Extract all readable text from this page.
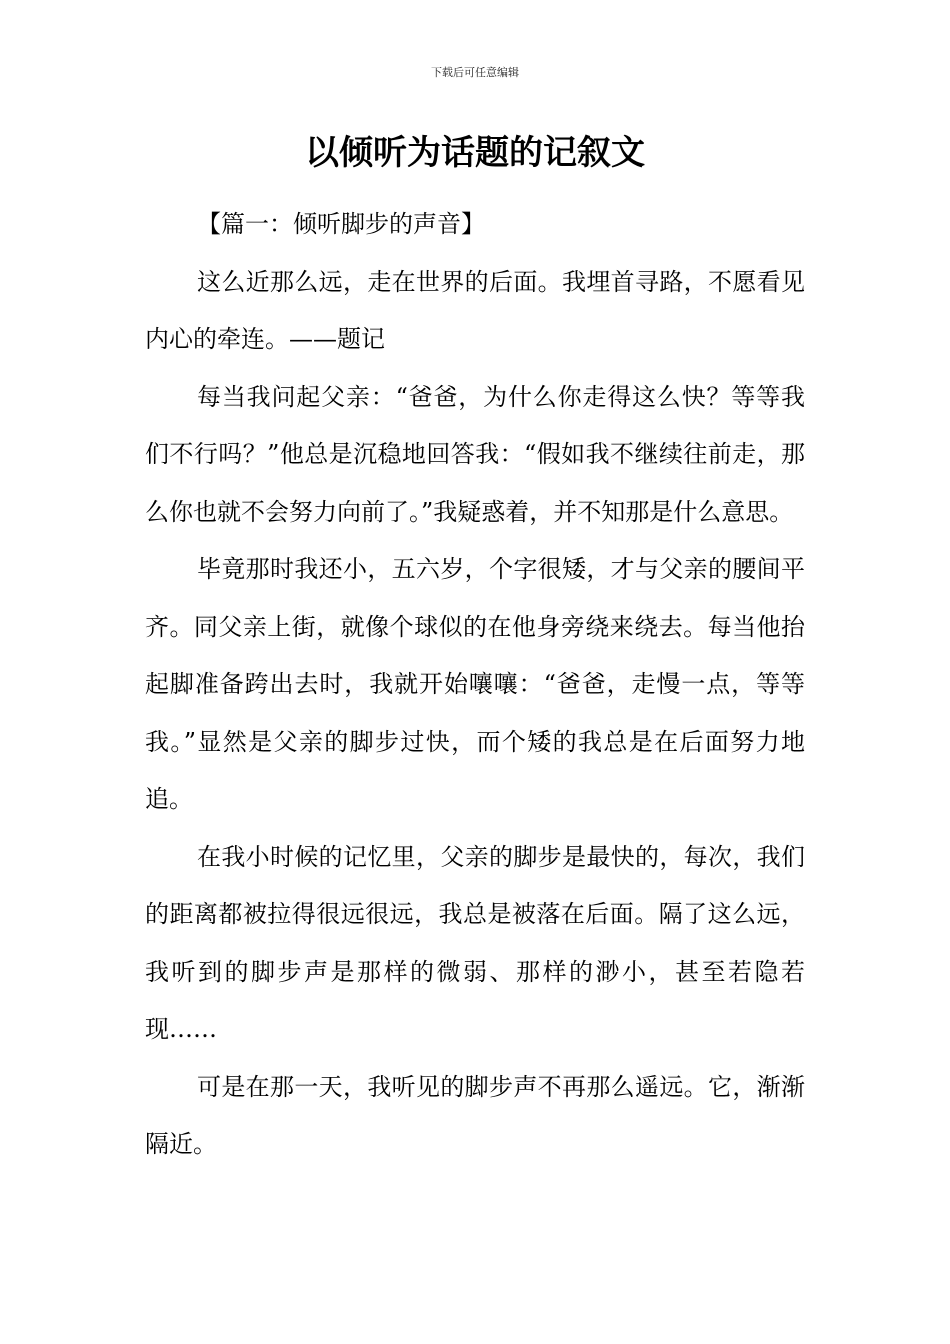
下载后可任意编辑
以倾听为话题的记叙文

【篇一：倾听脚步的声音】

这么近那么远，走在世界的后面。我埋首寻路，不愿看见内心的牵连。——题记

每当我问起父亲：“爸爸，为什么你走得这么快？等等我们不行吗？”他总是沉稳地回答我：“假如我不继续往前走，那么你也就不会努力向前了。”我疑惑着，并不知那是什么意思。

毕竟那时我还小，五六岁，个字很矮，才与父亲的腰间平齐。同父亲上街，就像个球似的在他身旁绕来绕去。每当他抬起脚准备跨出去时，我就开始嚷嚷：“爸爸，走慢一点，等等我。”显然是父亲的脚步过快，而个矮的我总是在后面努力地追。

在我小时候的记忆里，父亲的脚步是最快的，每次，我们的距离都被拉得很远很远，我总是被落在后面。隔了这么远，我听到的脚步声是那样的微弱、那样的渺小，甚至若隐若现……

可是在那一天，我听见的脚步声不再那么遥远。它，渐渐隔近。
